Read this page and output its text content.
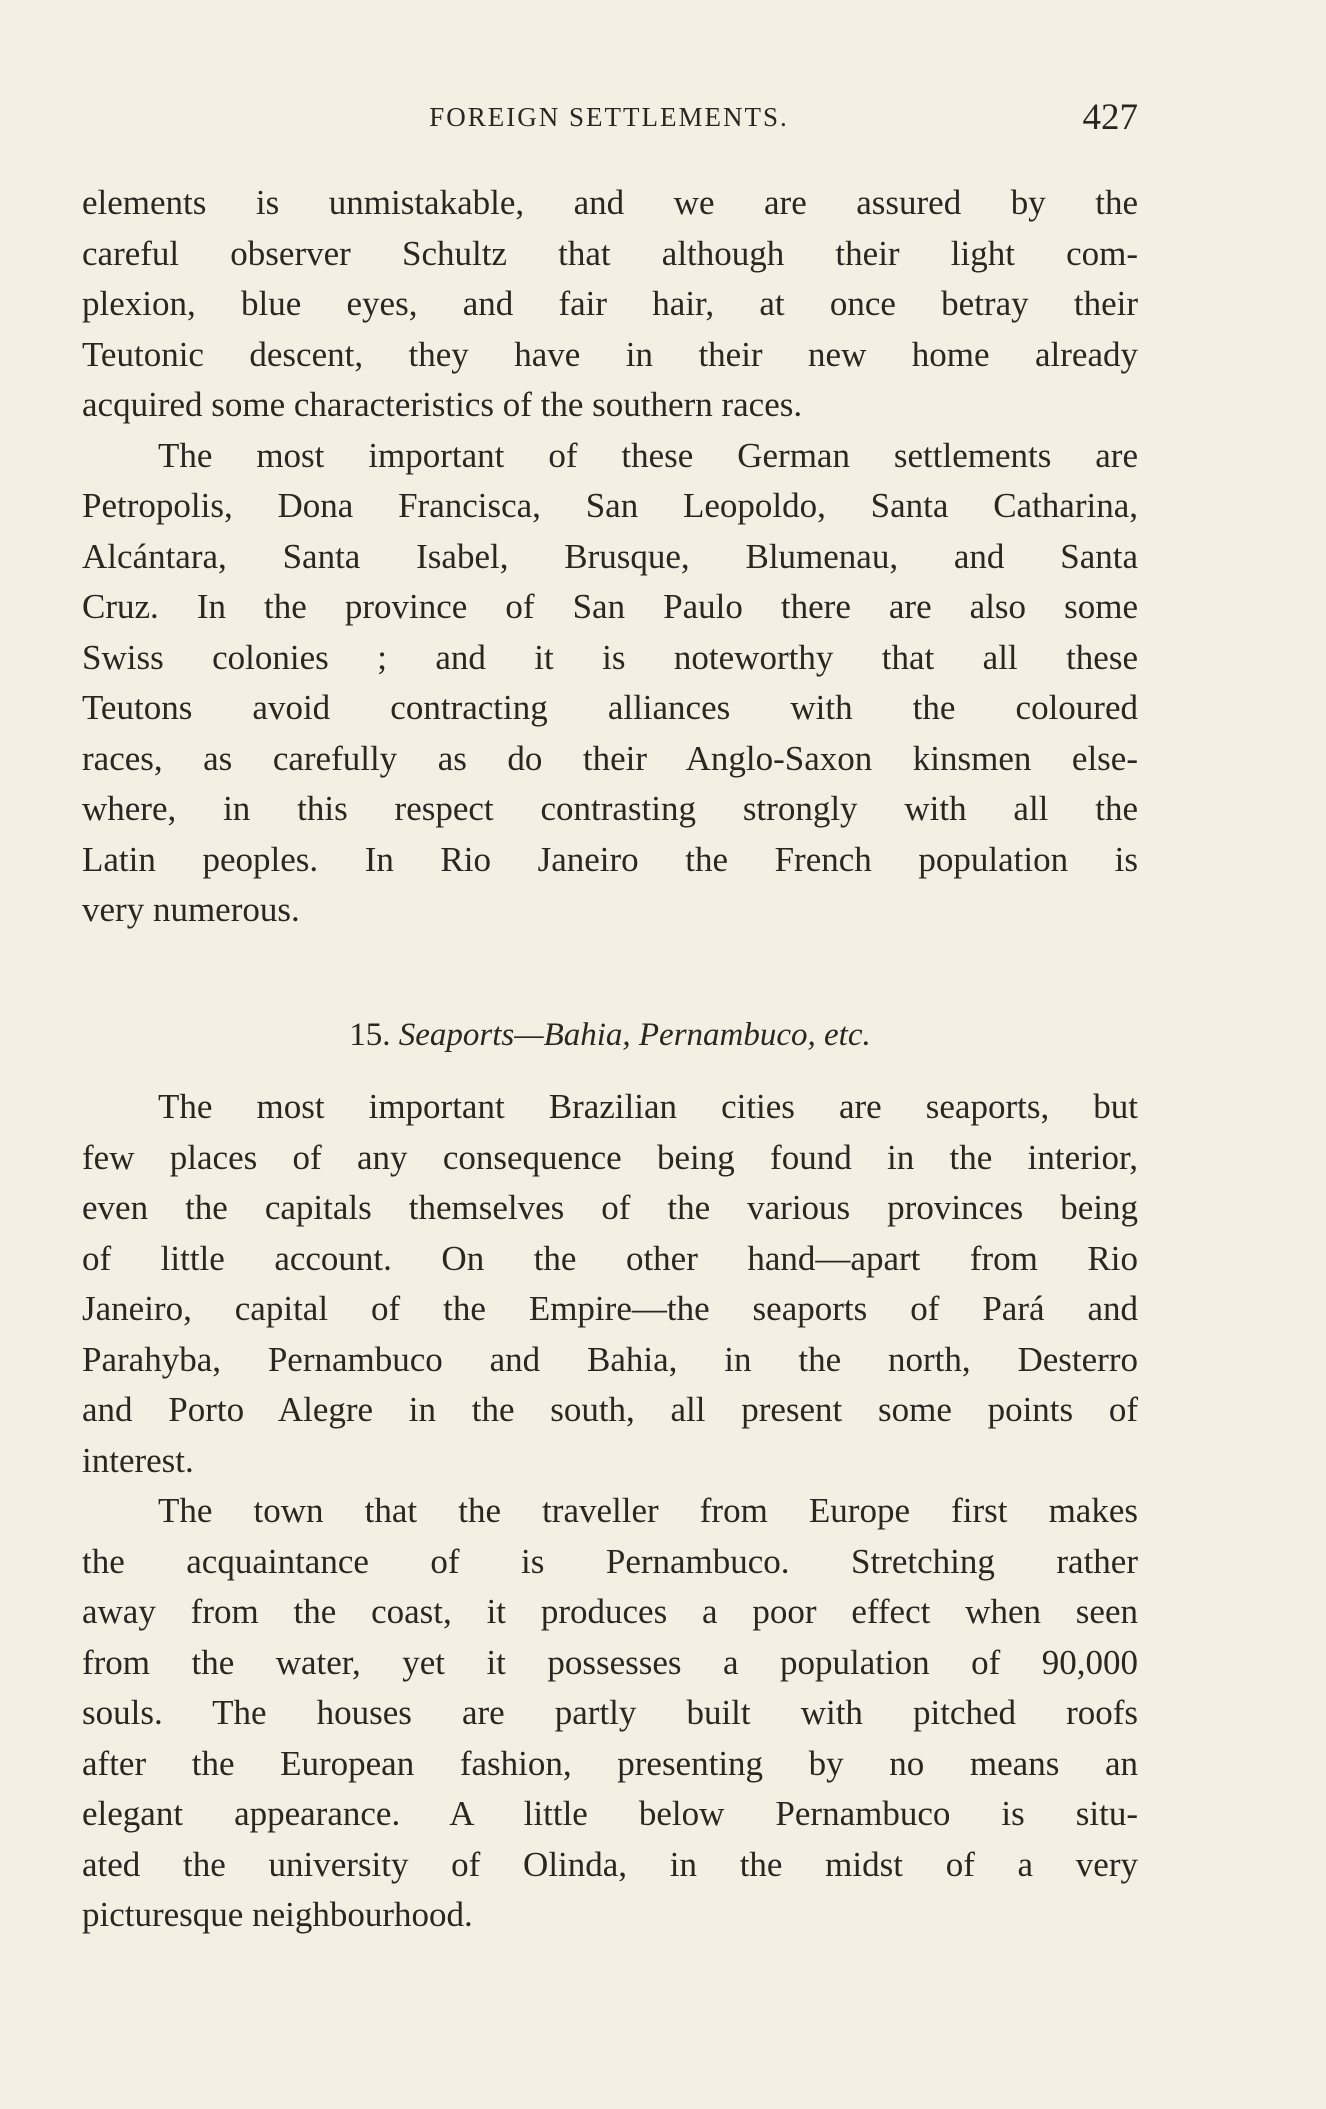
FOREIGN SETTLEMENTS.	427
elements is unmistakable, and we are assured by the
careful observer Schultz that although their light com-
plexion, blue eyes, and fair hair, at once betray their
Teutonic descent, they have in their new home already
acquired some characteristics of the southern races.
The most important of these German settlements are
Petropolis, Dona Francisca, San Leopoldo, Santa Catharina,
Alcántara, Santa Isabel, Brusque, Blumenau, and Santa
Cruz. In the province of San Paulo there are also some
Swiss colonies ; and it is noteworthy that all these
Teutons avoid contracting alliances with the coloured
races, as carefully as do their Anglo-Saxon kinsmen else-
where, in this respect contrasting strongly with all the
Latin peoples. In Rio Janeiro the French population is
very numerous.
15. Seaports—Bahia, Pernambuco, etc.
The most important Brazilian cities are seaports, but
few places of any consequence being found in the interior,
even the capitals themselves of the various provinces being
of little account. On the other hand—apart from Rio
Janeiro, capital of the Empire—the seaports of Pará and
Parahyba, Pernambuco and Bahia, in the north, Desterro
and Porto Alegre in the south, all present some points of
interest.
The town that the traveller from Europe first makes
the acquaintance of is Pernambuco. Stretching rather
away from the coast, it produces a poor effect when seen
from the water, yet it possesses a population of 90,000
souls. The houses are partly built with pitched roofs
after the European fashion, presenting by no means an
elegant appearance. A little below Pernambuco is situ-
ated the university of Olinda, in the midst of a very
picturesque neighbourhood.
